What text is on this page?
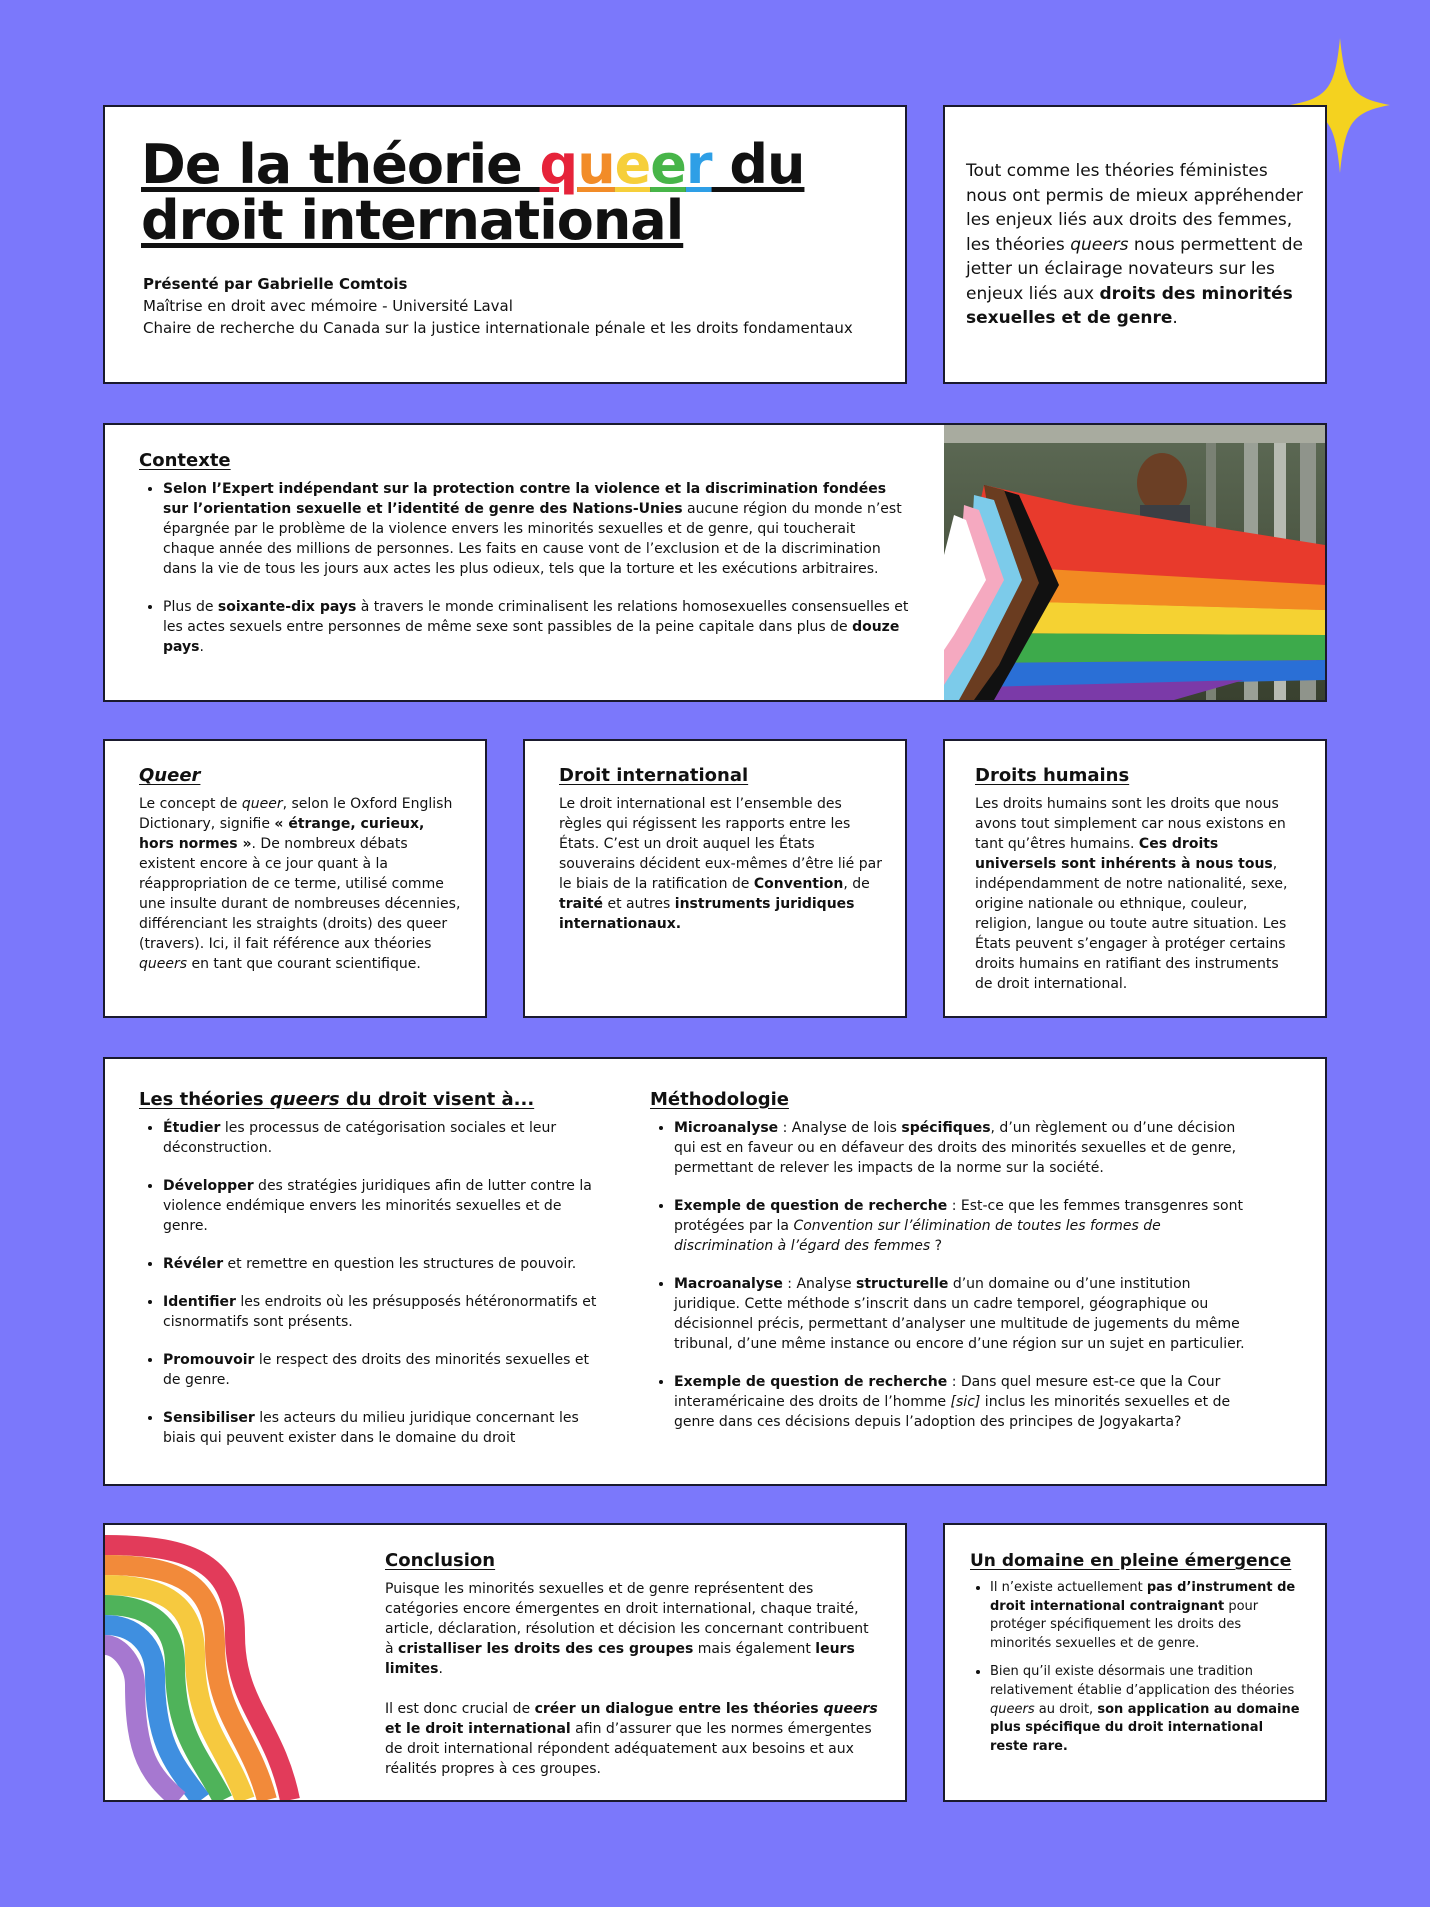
De la théorie queer du
droit international
Présenté par Gabrielle Comtois
Maîtrise en droit avec mémoire - Université Laval
Chaire de recherche du Canada sur la justice internationale pénale et les droits fondamentaux
Tout comme les théories féministes nous ont permis de mieux appréhender les enjeux liés aux droits des femmes, les théories queers nous permettent de jetter un éclairage novateurs sur les enjeux liés aux droits des minorités sexuelles et de genre.
Contexte
• Selon l’Expert indépendant sur la protection contre la violence et la discrimination fondées sur l’orientation sexuelle et l’identité de genre des Nations-Unies aucune région du monde n’est épargnée par le problème de la violence envers les minorités sexuelles et de genre, qui toucherait chaque année des millions de personnes. Les faits en cause vont de l’exclusion et de la discrimination dans la vie de tous les jours aux actes les plus odieux, tels que la torture et les exécutions arbitraires.
• Plus de soixante-dix pays à travers le monde criminalisent les relations homosexuelles consensuelles et les actes sexuels entre personnes de même sexe sont passibles de la peine capitale dans plus de douze pays.
Queer
Le concept de queer, selon le Oxford English Dictionary, signifie « étrange, curieux, hors normes ». De nombreux débats existent encore à ce jour quant à la réappropriation de ce terme, utilisé comme une insulte durant de nombreuses décennies, différenciant les straights (droits) des queer (travers). Ici, il fait référence aux théories queers en tant que courant scientifique.
Droit international
Le droit international est l’ensemble des règles qui régissent les rapports entre les États. C’est un droit auquel les États souverains décident eux-mêmes d’être lié par le biais de la ratification de Convention, de traité et autres instruments juridiques internationaux.
Droits humains
Les droits humains sont les droits que nous avons tout simplement car nous existons en tant qu’êtres humains. Ces droits universels sont inhérents à nous tous, indépendamment de notre nationalité, sexe, origine nationale ou ethnique, couleur, religion, langue ou toute autre situation. Les États peuvent s’engager à protéger certains droits humains en ratifiant des instruments de droit international.
Les théories queers du droit visent à...
• Étudier les processus de catégorisation sociales et leur déconstruction.
• Développer des stratégies juridiques afin de lutter contre la violence endémique envers les minorités sexuelles et de genre.
• Révéler et remettre en question les structures de pouvoir.
• Identifier les endroits où les présupposés hétéronormatifs et cisnormatifs sont présents.
• Promouvoir le respect des droits des minorités sexuelles et de genre.
• Sensibiliser les acteurs du milieu juridique concernant les biais qui peuvent exister dans le domaine du droit
Méthodologie
• Microanalyse : Analyse de lois spécifiques, d’un règlement ou d’une décision qui est en faveur ou en défaveur des droits des minorités sexuelles et de genre, permettant de relever les impacts de la norme sur la société.
• Exemple de question de recherche : Est-ce que les femmes transgenres sont protégées par la Convention sur l’élimination de toutes les formes de discrimination à l’égard des femmes ?
• Macroanalyse : Analyse structurelle d’un domaine ou d’une institution juridique. Cette méthode s’inscrit dans un cadre temporel, géographique ou décisionnel précis, permettant d’analyser une multitude de jugements du même tribunal, d’une même instance ou encore d’une région sur un sujet en particulier.
• Exemple de question de recherche : Dans quel mesure est-ce que la Cour interaméricaine des droits de l’homme [sic] inclus les minorités sexuelles et de genre dans ces décisions depuis l’adoption des principes de Jogyakarta?
Conclusion
Puisque les minorités sexuelles et de genre représentent des catégories encore émergentes en droit international, chaque traité, article, déclaration, résolution et décision les concernant contribuent à cristalliser les droits des ces groupes mais également leurs limites.
Il est donc crucial de créer un dialogue entre les théories queers et le droit international afin d’assurer que les normes émergentes de droit international répondent adéquatement aux besoins et aux réalités propres à ces groupes.
Un domaine en pleine émergence
• Il n’existe actuellement pas d’instrument de droit international contraignant pour protéger spécifiquement les droits des minorités sexuelles et de genre.
• Bien qu’il existe désormais une tradition relativement établie d’application des théories queers au droit, son application au domaine plus spécifique du droit international reste rare.
